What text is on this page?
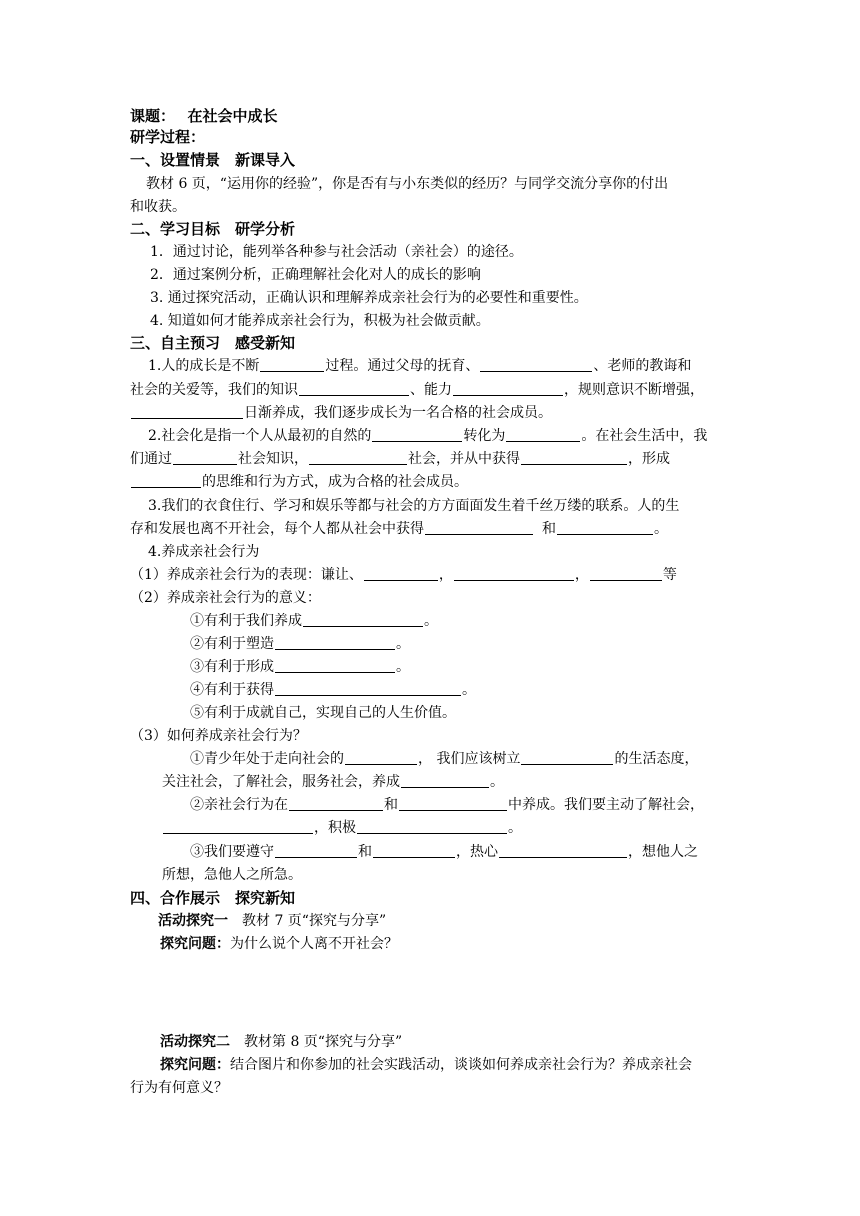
课题： 在社会中成长
研学过程：
一、设置情景　新课导入
教材 6 页，“运用你的经验”，你是否有与小东类似的经历？与同学交流分享你的付出
和收获。
二、学习目标　研学分析
1．通过讨论，能列举各种参与社会活动（亲社会）的途径。
2．通过案例分析，正确理解社会化对人的成长的影响
3. 通过探究活动，正确认识和理解养成亲社会行为的必要性和重要性。
4. 知道如何才能养成亲社会行为，积极为社会做贡献。
三、自主预习　感受新知
1.人的成长是不断	过程。通过父母的抚育、	、老师的教诲和
社会的关爱等，我们的知识	、能力	，规则意识不断增强，
日渐养成，我们逐步成长为一名合格的社会成员。
2.社会化是指一个人从最初的自然的	转化为	。在社会生活中，我
们通过	社会知识，	社会，并从中获得	，形成
的思维和行为方式，成为合格的社会成员。
3.我们的衣食住行、学习和娱乐等都与社会的方方面面发生着千丝万缕的联系。人的生
存和发展也离不开社会，每个人都从社会中获得	和	。
4.养成亲社会行为
（1）养成亲社会行为的表现：谦让、	，	，	等
（2）养成亲社会行为的意义：
①有利于我们养成	。
②有利于塑造	。
③有利于形成	。
④有利于获得	。
⑤有利于成就自己，实现自己的人生价值。
（3）如何养成亲社会行为？
①青少年处于走向社会的	， 我们应该树立	的生活态度，
关注社会，了解社会，服务社会，养成	。
②亲社会行为在	和	中养成。我们要主动了解社会，
，积极	。
③我们要遵守	和	，热心	，想他人之
所想，急他人之所急。
四、合作展示　探究新知
活动探究一　教材 7 页“探究与分享”
探究问题：为什么说个人离不开社会？
活动探究二　教材第 8 页“探究与分享”
探究问题：结合图片和你参加的社会实践活动，谈谈如何养成亲社会行为？养成亲社会
行为有何意义？
